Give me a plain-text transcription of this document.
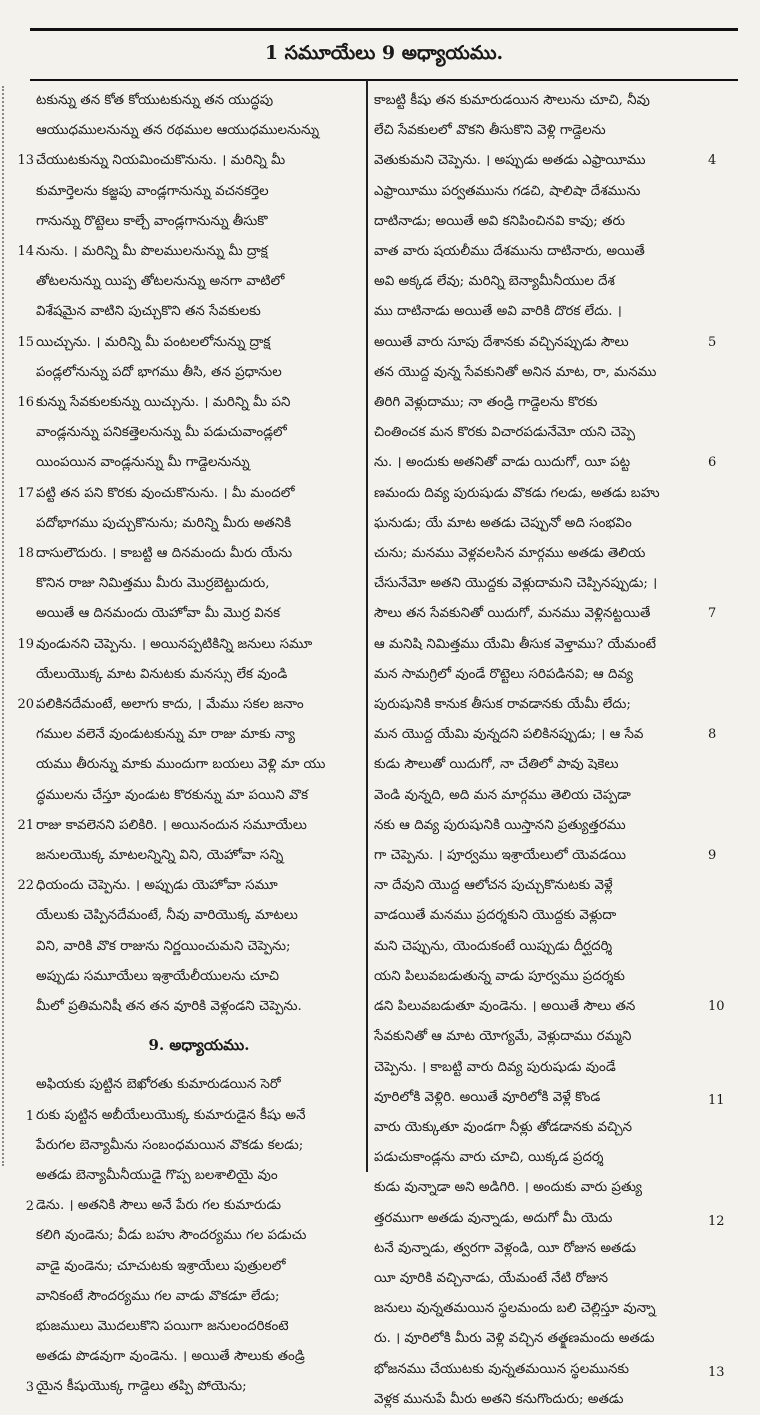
1 సమూయేలు 9 అధ్యాయము.
13
14
15
16
17
18
19
20
21
22
1
2
3
టకున్ను తన కోత కోయుటకున్ను తన యుద్ధపు
ఆయుధములనున్ను తన రథముల ఆయుధములనున్ను
చేయుటకున్ను నియమించుకొనును. । మరిన్ని మీ
కుమార్తెలను కజ్జపు వాండ్లగానున్ను వచనకర్తెల
గానున్ను రొట్టెలు కాల్చే వాండ్లగానున్ను తీసుకొ
నును. । మరిన్ని మీ పొలములనున్ను మీ ద్రాక్ష
తోటలనున్ను యిప్ప తోటలనున్ను అనగా వాటిలో
విశేషమైన వాటిని పుచ్చుకొని తన సేవకులకు
యిచ్చును. । మరిన్ని మీ పంటలలోనున్ను ద్రాక్ష
పండ్లలోనున్ను పదో భాగము తీసి, తన ప్రధానుల
కున్ను సేవకులకున్ను యిచ్చును. । మరిన్ని మీ పని
వాండ్లనున్ను పనికత్తెలనున్ను మీ పడుచువాండ్లలో
యింపయిన వాండ్లనున్ను మీ గాడ్దెలనున్ను
పట్టి తన పని కొరకు వుంచుకొనును. । మీ మందలో
పదోభాగము పుచ్చుకొనును; మరిన్ని మీరు అతనికి
దాసులౌదురు. । కాబట్టి ఆ దినమందు మీరు యేను
కొనిన రాజు నిమిత్తము మీరు మొర్రబెట్టుదురు,
అయితే ఆ దినమందు యెహోవా మీ మొర్ర వినక
వుండునని చెప్పెను. । అయినప్పటికిన్ని జనులు సమూ
యేలుయొక్క మాట వినుటకు మనస్సు లేక వుండి
పలికినదేమంటే, అలాగు కాదు, । మేము సకల జనాం
గముల వలెనే వుండుటకున్ను మా రాజు మాకు న్యా
యము తీరున్ను మాకు ముందుగా బయలు వెళ్లి మా యు
ద్ధములను చేస్తూ వుండుట కొరకున్ను మా పయిని వొక
రాజు కావలెనని పలికిరి. । అయినందున సమూయేలు
జనులయొక్క మాటలన్నిన్ని విని, యెహోవా సన్ని
ధియందు చెప్పెను. । అప్పుడు యెహోవా సమూ
యేలుకు చెప్పినదేమంటే, నీవు వారియొక్క మాటలు
విని, వారికి వొక రాజును నిర్ణయించుమని చెప్పెను;
అప్పుడు సమూయేలు ఇశ్రాయేలీయులను చూచి
మీలో ప్రతిమనిషీ తన తన వూరికి వెళ్లండని చెప్పెను.
9. అధ్యాయము.
అఫియకు పుట్టిన బెఖోరతు కుమారుడయిన సెరో
రుకు పుట్టిన అబీయేలుయొక్క కుమారుడైన కీషు అనే
పేరుగల బెన్యామీను సంబంధమయిన వొకడు కలడు;
అతడు బెన్యామీనీయుడై గొప్ప బలశాలియై వుం
డెను. । అతనికి సౌలు అనే పేరు గల కుమారుడు
కలిగి వుండెను; వీడు బహు సౌందర్యము గల పడుచు
వాడై వుండెను; చూచుటకు ఇశ్రాయేలు పుత్రులలో
వానికంటే సౌందర్యము గల వాడు వొకడూ లేడు;
భుజములు మొదలుకొని పయిగా జనులందరికంటె
అతడు పొడవుగా వుండెను. । అయితే సౌలుకు తండ్రి
యైన కీషుయొక్క గాడ్దెలు తప్పి పోయెను;
కాబట్టి కీషు తన కుమారుడయిన సౌలును చూచి, నీవు
లేచి సేవకులలో వొకని తీసుకొని వెళ్లి గాడ్దెలను
వెతుకుమని చెప్పెను. । అప్పుడు అతడు ఎఫ్రాయీము
ఎఫ్రాయీము పర్వతమును గడచి, షాలిషా దేశమును
దాటినాడు; అయితే అవి కనిపించినవి కావు; తరు
వాత వారు షయలీము దేశమును దాటినారు, అయితే
అవి అక్కడ లేవు; మరిన్ని బెన్యామీనీయుల దేశ
ము దాటినాడు అయితే అవి వారికి దొరక లేదు. ।
అయితే వారు సూపు దేశానకు వచ్చినప్పుడు సౌలు
తన యొద్ద వున్న సేవకునితో అనిన మాట, రా, మనము
తిరిగి వెళ్లుదాము; నా తండ్రి గాడ్దెలను కొరకు
చింతించక మన కొరకు విచారపడునేమో యని చెప్పె
ను. । అందుకు అతనితో వాడు యిదుగో, యీ పట్ట
ణమందు దివ్య పురుషుడు వొకడు గలడు, అతడు బహు
ఘనుడు; యే మాట అతడు చెప్పునో అది సంభవిం
చును; మనము వెళ్లవలసిన మార్గము అతడు తెలియ
చేసునేమో అతని యొద్దకు వెళ్లుదామని చెప్పినప్పుడు; ।
సౌలు తన సేవకునితో యిదుగో, మనము వెళ్లినట్టయితే
ఆ మనిషి నిమిత్తము యేమి తీసుక వెళ్తాము? యేమంటే
మన సామగ్రిలో వుండే రొట్టెలు సరిపడినవి; ఆ దివ్య
పురుషునికి కానుక తీసుక రావడానకు యేమీ లేదు;
మన యొద్ద యేమి వున్నదని పలికినప్పుడు; । ఆ సేవ
కుడు సౌలుతో యిదుగో, నా చేతిలో పావు షెకెలు
వెండి వున్నది, అది మన మార్గము తెలియ చెప్పడా
నకు ఆ దివ్య పురుషునికి యిస్తానని ప్రత్యుత్తరము
గా చెప్పెను. । పూర్వము ఇశ్రాయేలులో యెవడయి
నా దేవుని యొద్ద ఆలోచన పుచ్చుకొనుటకు వెళ్లే
వాడయితే మనము ప్రదర్శకుని యొద్దకు వెళ్లుదా
మని చెప్పును, యెందుకంటే యిప్పుడు దీర్ఘదర్శి
యని పిలువబడుతున్న వాడు పూర్వము ప్రదర్శకు
డని పిలువబడుతూ వుండెను. । అయితే సౌలు తన
సేవకునితో ఆ మాట యోగ్యమే, వెళ్లుదాము రమ్మని
చెప్పెను. । కాబట్టి వారు దివ్య పురుషుడు వుండే
వూరిలోకి వెళ్లిరి. అయితే వూరిలోకి వెళ్లే కొండ
వారు యెక్కుతూ వుండగా నీళ్లు తోడడానకు వచ్చిన
పడుచుకాండ్లను వారు చూచి, యిక్కడ ప్రదర్శ
కుడు వున్నాడా అని అడిగిరి. । అందుకు వారు ప్రత్యు
త్తరముగా అతడు వున్నాడు, అదుగో మీ యెదు
టనే వున్నాడు, త్వరగా వెళ్లండి, యీ రోజున అతడు
యీ వూరికి వచ్చినాడు, యేమంటే నేటి రోజున
జనులు వున్నతమయిన స్థలమందు బలి చెల్లిస్తూ వున్నా
రు. । వూరిలోకి మీరు వెళ్లి వచ్చిన తత్క్షణమందు అతడు
భోజనము చేయుటకు వున్నతమయిన స్థలమునకు
వెళ్లక మునుపే మీరు అతని కనుగొందురు; అతడు
4
5
6
7
8
9
10
11
12
13
